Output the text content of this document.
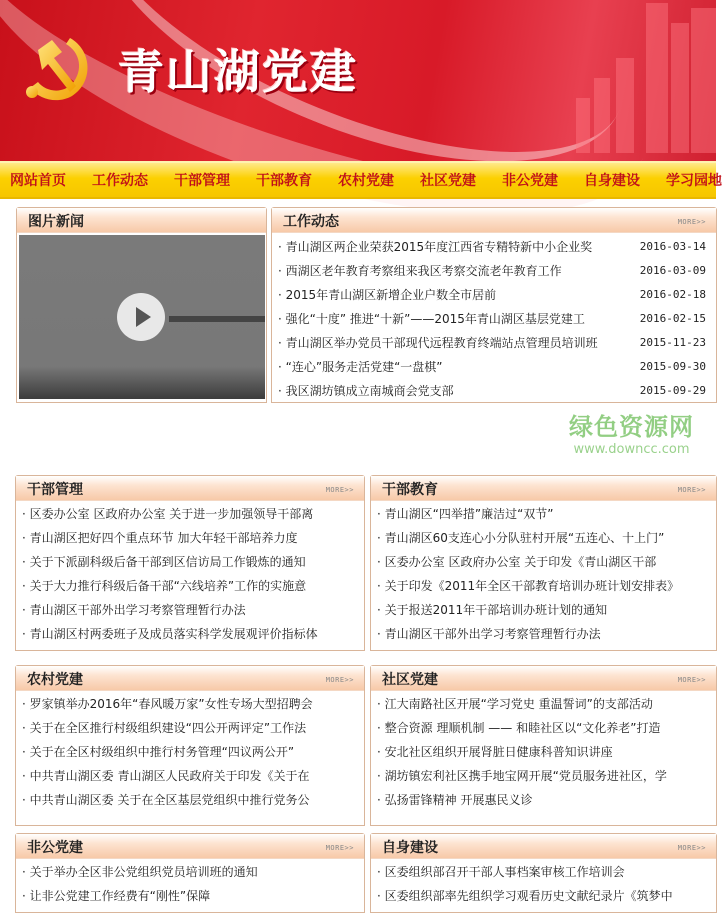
青山湖党建
网站首页 工作动态 干部管理 干部教育 农村党建 社区党建 非公党建 自身建设 学习园地
图片新闻	工作动态	MORE>>
· 青山湖区两企业荣获2015年度江西省专精特新中小企业奖	2016-03-14
· 西湖区老年教育考察组来我区考察交流老年教育工作	2016-03-09
· 2015年青山湖区新增企业户数全市居前	2016-02-18
· 强化“十度” 推进“十新”——2015年青山湖区基层党建工	2016-02-15
· 青山湖区举办党员干部现代远程教育终端站点管理员培训班	2015-11-23
· “连心”服务走活党建“一盘棋”	2015-09-30
· 我区湖坊镇成立南城商会党支部	2015-09-29
干部管理	MORE>>
· 区委办公室 区政府办公室 关于进一步加强领导干部离
· 青山湖区把好四个重点环节 加大年轻干部培养力度
· 关于下派副科级后备干部到区信访局工作锻炼的通知
· 关于大力推行科级后备干部“六线培养”工作的实施意
· 青山湖区干部外出学习考察管理暂行办法
· 青山湖区村两委班子及成员落实科学发展观评价指标体
干部教育	MORE>>
· 青山湖区“四举措”廉洁过“双节”
· 青山湖区60支连心小分队驻村开展“五连心、十上门”
· 区委办公室 区政府办公室 关于印发《青山湖区干部
· 关于印发《2011年全区干部教育培训办班计划安排表》
· 关于报送2011年干部培训办班计划的通知
· 青山湖区干部外出学习考察管理暂行办法
农村党建	MORE>>
· 罗家镇举办2016年“春风暖万家”女性专场大型招聘会
· 关于在全区推行村级组织建设“四公开两评定”工作法
· 关于在全区村级组织中推行村务管理“四议两公开”
· 中共青山湖区委 青山湖区人民政府关于印发《关于在
· 中共青山湖区委 关于在全区基层党组织中推行党务公
社区党建	MORE>>
· 江大南路社区开展“学习党史 重温誓词”的支部活动
· 整合资源 理顺机制 —— 和睦社区以“文化养老”打造
· 安北社区组织开展肾脏日健康科普知识讲座
· 湖坊镇宏利社区携手地宝网开展“党员服务进社区，学
· 弘扬雷锋精神 开展惠民义诊
非公党建	MORE>>
· 关于举办全区非公党组织党员培训班的通知
· 让非公党建工作经费有“刚性”保障
自身建设	MORE>>
· 区委组织部召开干部人事档案审核工作培训会
· 区委组织部率先组织学习观看历史文献纪录片《筑梦中
绿色资源网
www.downcc.com
